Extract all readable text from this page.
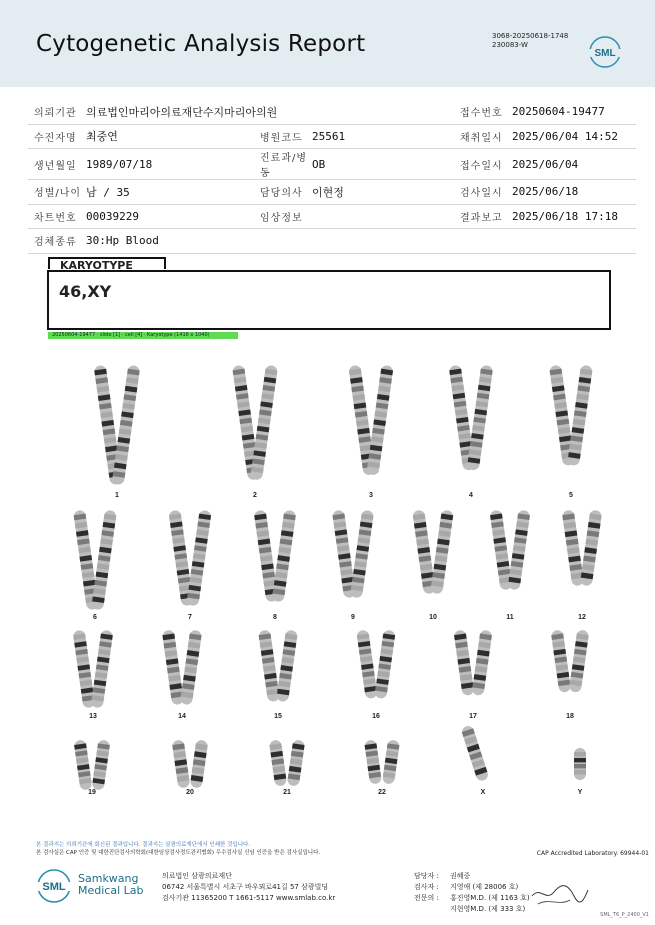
Cytogenetic Analysis Report	3068-20250618-1748
230083-W
SML
의뢰기관	의료법인마리아의료재단수지마리아의원			접수번호	20250604-19477
수진자명	최중연	병원코드	25561	채취일시	2025/06/04 14:52
생년월일	1989/07/18	진료과/병동	OB	접수일시	2025/06/04
성별/나이	남 / 35	담당의사	이현정	검사일시	2025/06/18
차트번호	00039229	임상정보		결과보고	2025/06/18 17:18
검체종류	30:Hp Blood				
KARYOTYPE
46,XY
20250604-19477 · slide [1] · cell [4] · Karyotype (1416 x 1040)
1	2	3	4	5
6	7	8	9	10	11	12
13	14	15	16	17	18
19	20	21	22	X	Y
본 결과지는 의뢰기관에 회신된 결과입니다. 결과지는 삼광의료재단에서 인쇄한 것입니다.
본 검사실은 CAP 인증 및 대한진단검사의학회(대한임상검사정도관리협회) 우수검사실 신임 인증을 받은 검사실입니다.	CAP Accredited Laboratory. 69944-01
SML
Samkwang
Medical Lab
의료법인 삼광의료재단
06742 서울특별시 서초구 바우뫼로41길 57 삼광빌딩
검사기관 11365200 T 1661-5117 www.smlab.co.kr
담당자 : 권혜중
검사자 : 지영애 (제 28006 호)
전문의 : 홍진영M.D. (제 1163 호)
지현영M.D. (제 333 호)
SML_T6_P_2400_V1
